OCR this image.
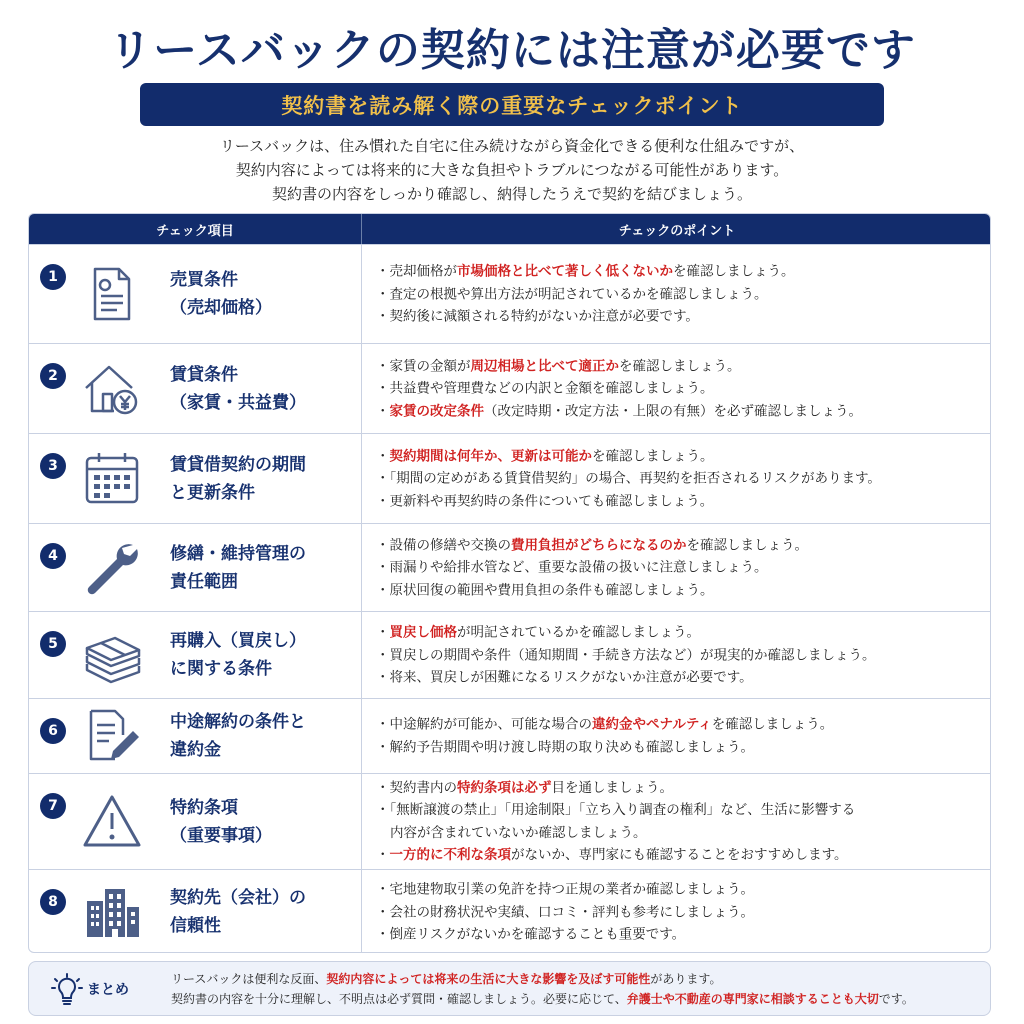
リースバックの契約には注意が必要です
契約書を読み解く際の重要なチェックポイント
リースバックは、住み慣れた自宅に住み続けながら資金化できる便利な仕組みですが、
契約内容によっては将来的に大きな負担やトラブルにつながる可能性があります。
契約書の内容をしっかり確認し、納得したうえで契約を結びましょう。
チェック項目	チェックのポイント
1	売買条件
（売却価格）
・売却価格が市場価格と比べて著しく低くないかを確認しましょう。
・査定の根拠や算出方法が明記されているかを確認しましょう。
・契約後に減額される特約がないか注意が必要です。
2	賃貸条件
（家賃・共益費）
・家賃の金額が周辺相場と比べて適正かを確認しましょう。
・共益費や管理費などの内訳と金額を確認しましょう。
・家賃の改定条件（改定時期・改定方法・上限の有無）を必ず確認しましょう。
3	賃貸借契約の期間
と更新条件
・契約期間は何年か、更新は可能かを確認しましょう。
・「期間の定めがある賃貸借契約」の場合、再契約を拒否されるリスクがあります。
・更新料や再契約時の条件についても確認しましょう。
4	修繕・維持管理の
責任範囲
・設備の修繕や交換の費用負担がどちらになるのかを確認しましょう。
・雨漏りや給排水管など、重要な設備の扱いに注意しましょう。
・原状回復の範囲や費用負担の条件も確認しましょう。
5	再購入（買戻し）
に関する条件
・買戻し価格が明記されているかを確認しましょう。
・買戻しの期間や条件（通知期間・手続き方法など）が現実的か確認しましょう。
・将来、買戻しが困難になるリスクがないか注意が必要です。
6	中途解約の条件と
違約金
・中途解約が可能か、可能な場合の違約金やペナルティを確認しましょう。
・解約予告期間や明け渡し時期の取り決めも確認しましょう。
7	特約条項
（重要事項）
・契約書内の特約条項は必ず目を通しましょう。
・「無断譲渡の禁止」「用途制限」「立ち入り調査の権利」など、生活に影響する
内容が含まれていないか確認しましょう。
・一方的に不利な条項がないか、専門家にも確認することをおすすめします。
8	契約先（会社）の
信頼性
・宅地建物取引業の免許を持つ正規の業者か確認しましょう。
・会社の財務状況や実績、口コミ・評判も参考にしましょう。
・倒産リスクがないかを確認することも重要です。
まとめ
リースバックは便利な反面、契約内容によっては将来の生活に大きな影響を及ぼす可能性があります。
契約書の内容を十分に理解し、不明点は必ず質問・確認しましょう。必要に応じて、弁護士や不動産の専門家に相談することも大切です。
